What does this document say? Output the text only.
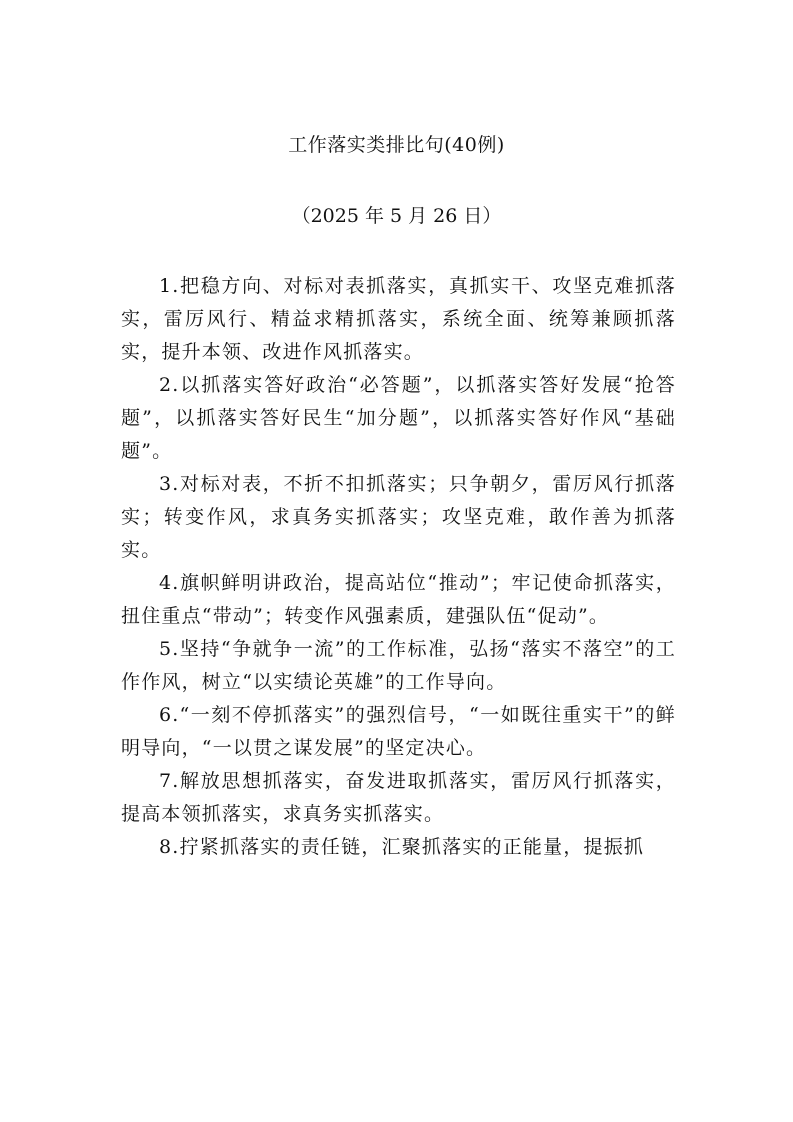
工作落实类排比句(40例)
（2025 年 5 月 26 日）

1.把稳方向、对标对表抓落实，真抓实干、攻坚克难抓落实，雷厉风行、精益求精抓落实，系统全面、统筹兼顾抓落实，提升本领、改进作风抓落实。

2.以抓落实答好政治“必答题”，以抓落实答好发展“抢答题”，以抓落实答好民生“加分题”，以抓落实答好作风“基础题”。

3.对标对表，不折不扣抓落实；只争朝夕，雷厉风行抓落实；转变作风，求真务实抓落实；攻坚克难，敢作善为抓落实。

4.旗帜鲜明讲政治，提高站位“推动”；牢记使命抓落实，扭住重点“带动”；转变作风强素质，建强队伍“促动”。

5.坚持“争就争一流”的工作标准，弘扬“落实不落空”的工作作风，树立“以实绩论英雄”的工作导向。

6.“一刻不停抓落实”的强烈信号，“一如既往重实干”的鲜明导向，“一以贯之谋发展”的坚定决心。

7.解放思想抓落实，奋发进取抓落实，雷厉风行抓落实，提高本领抓落实，求真务实抓落实。

8.拧紧抓落实的责任链，汇聚抓落实的正能量，提振抓
